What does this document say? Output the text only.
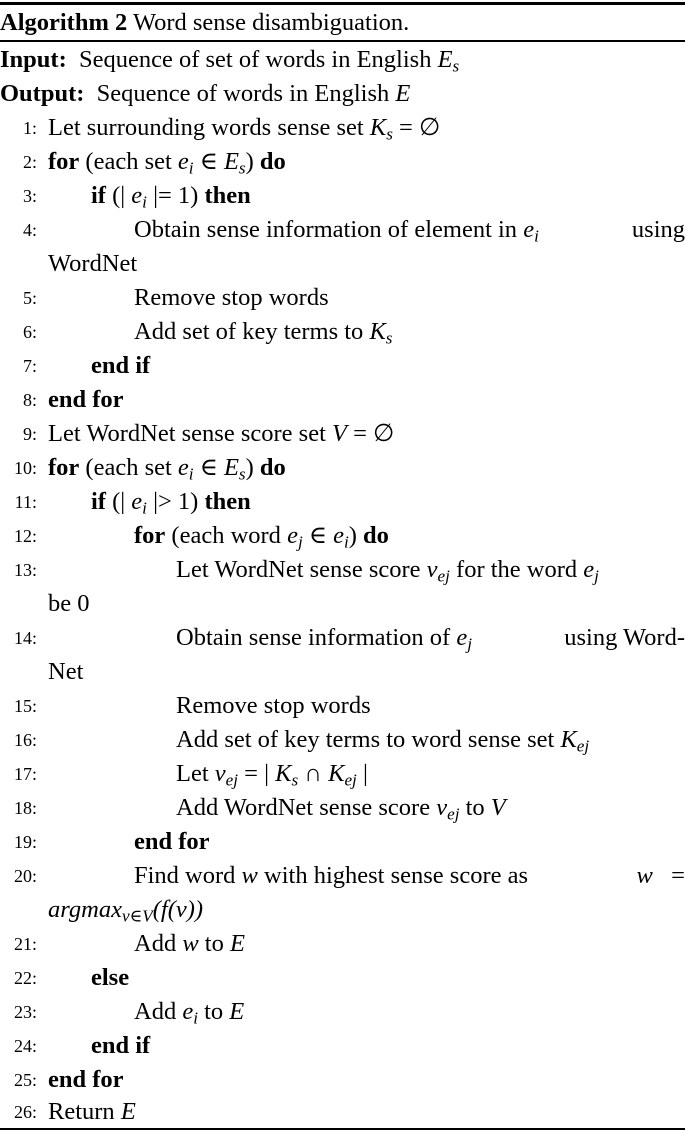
Algorithm 2 Word sense disambiguation.
Input: Sequence of set of words in English $E_s$
Output: Sequence of words in English E
1: Let surrounding words sense set $K_s$ = ∅
2: for (each set $e_i$ ∈ $E_s$) do
3: if (| $e_i$ |= 1) then
4:	Obtain sense information of element in $e_i$	using
WordNet
5:	Remove stop words
6:	Add set of key terms to $K_s$
7: end if
8: end for
9: Let WordNet sense score set V = ∅
10: for (each set $e_i$ ∈ $E_s$) do
11: if (| $e_i$ |> 1) then
12:	for (each word $e_j$ ∈ $e_i$) do
13:	Let WordNet sense score $v_{ej}$ for the word $e_j$
be 0
14:	Obtain sense information of $e_j$	using Word-
Net
15:	Remove stop words
16:	Add set of key terms to word sense set $K_{ej}$
17:	Let $v_{ej}$ = | $K_s$ ∩ $K_{ej}$ |
18:	Add WordNet sense score $v_{ej}$ to V
19:	end for
20:	Find word w with highest sense score as	w   =
argmax$_{v\in V}$(f(v))
21:	Add w to E
22: else
23:	Add $e_i$ to E
24: end if
25: end for
26: Return E
